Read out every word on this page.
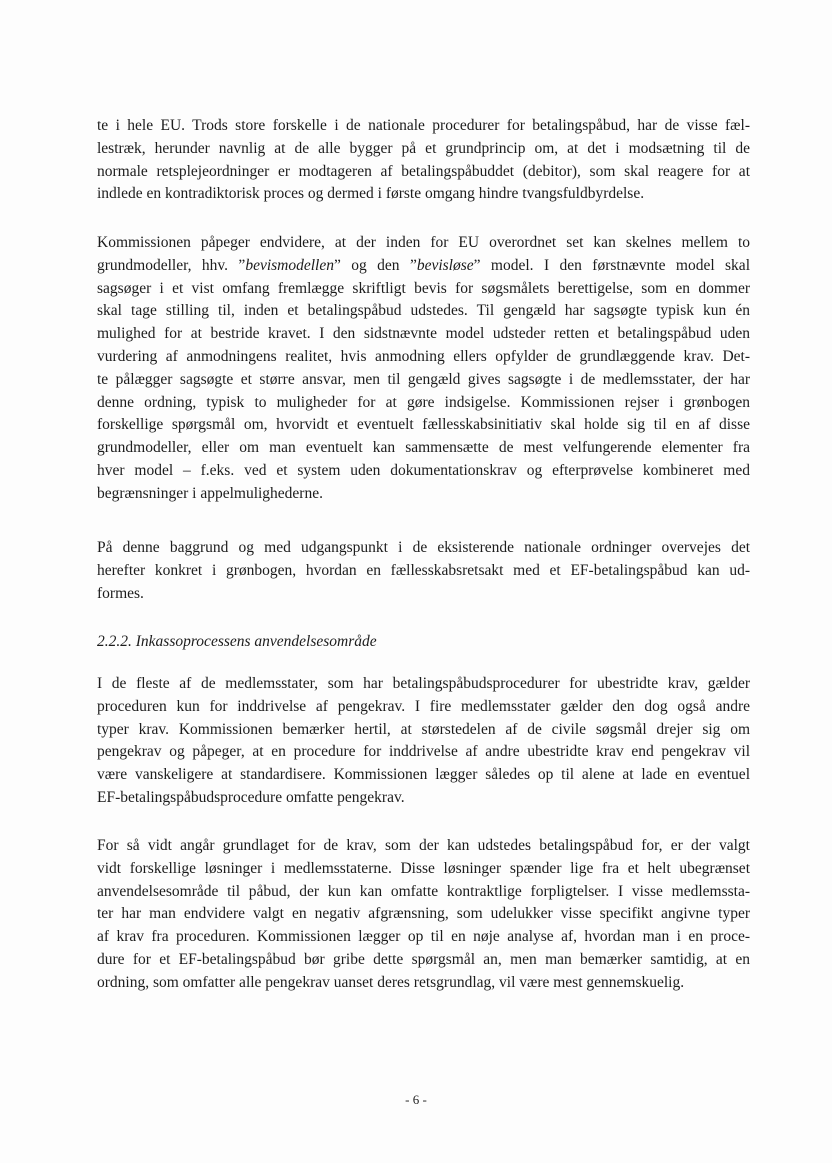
te i hele EU. Trods store forskelle i de nationale procedurer for betalingspåbud, har de visse fæl-
lestræk, herunder navnlig at de alle bygger på et grundprincip om, at det i modsætning til de
normale retsplejeordninger er modtageren af betalingspåbuddet (debitor), som skal reagere for at
indlede en kontradiktorisk proces og dermed i første omgang hindre tvangsfuldbyrdelse.
Kommissionen påpeger endvidere, at der inden for EU overordnet set kan skelnes mellem to
grundmodeller, hhv. ”bevismodellen” og den ”bevisløse” model. I den førstnævnte model skal
sagsøger i et vist omfang fremlægge skriftligt bevis for søgsmålets berettigelse, som en dommer
skal tage stilling til, inden et betalingspåbud udstedes. Til gengæld har sagsøgte typisk kun én
mulighed for at bestride kravet. I den sidstnævnte model udsteder retten et betalingspåbud uden
vurdering af anmodningens realitet, hvis anmodning ellers opfylder de grundlæggende krav. Det-
te pålægger sagsøgte et større ansvar, men til gengæld gives sagsøgte i de medlemsstater, der har
denne ordning, typisk to muligheder for at gøre indsigelse. Kommissionen rejser i grønbogen
forskellige spørgsmål om, hvorvidt et eventuelt fællesskabsinitiativ skal holde sig til en af disse
grundmodeller, eller om man eventuelt kan sammensætte de mest velfungerende elementer fra
hver model – f.eks. ved et system uden dokumentationskrav og efterprøvelse kombineret med
begrænsninger i appelmulighederne.
På denne baggrund og med udgangspunkt i de eksisterende nationale ordninger overvejes det
herefter konkret i grønbogen, hvordan en fællesskabsretsakt med et EF-betalingspåbud kan ud-
formes.
2.2.2. Inkassoprocessens anvendelsesområde
I de fleste af de medlemsstater, som har betalingspåbudsprocedurer for ubestridte krav, gælder
proceduren kun for inddrivelse af pengekrav. I fire medlemsstater gælder den dog også andre
typer krav. Kommissionen bemærker hertil, at størstedelen af de civile søgsmål drejer sig om
pengekrav og påpeger, at en procedure for inddrivelse af andre ubestridte krav end pengekrav vil
være vanskeligere at standardisere. Kommissionen lægger således op til alene at lade en eventuel
EF-betalingspåbudsprocedure omfatte pengekrav.
For så vidt angår grundlaget for de krav, som der kan udstedes betalingspåbud for, er der valgt
vidt forskellige løsninger i medlemsstaterne. Disse løsninger spænder lige fra et helt ubegrænset
anvendelsesområde til påbud, der kun kan omfatte kontraktlige forpligtelser. I visse medlemssta-
ter har man endvidere valgt en negativ afgrænsning, som udelukker visse specifikt angivne typer
af krav fra proceduren. Kommissionen lægger op til en nøje analyse af, hvordan man i en proce-
dure for et EF-betalingspåbud bør gribe dette spørgsmål an, men man bemærker samtidig, at en
ordning, som omfatter alle pengekrav uanset deres retsgrundlag, vil være mest gennemskuelig.
- 6 -
